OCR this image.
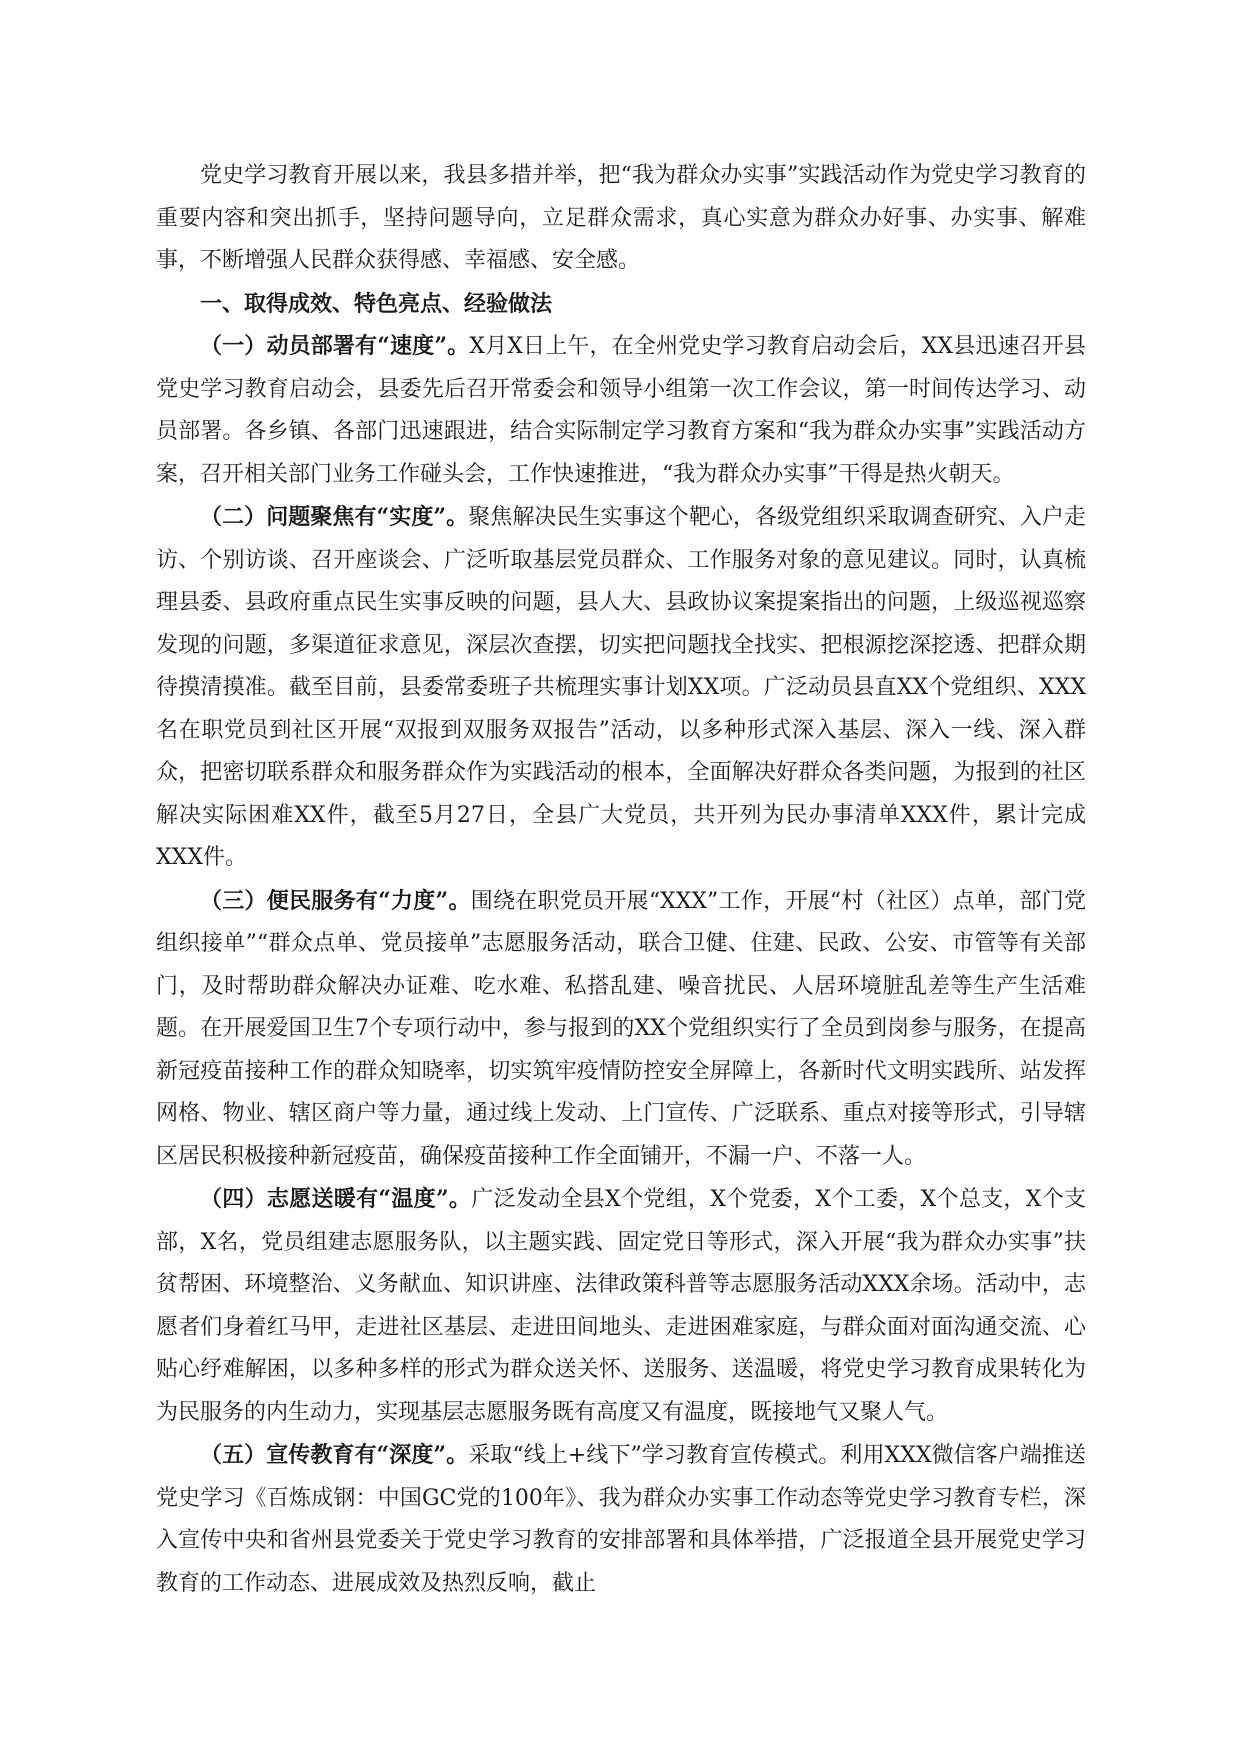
党史学习教育开展以来，我县多措并举，把“我为群众办实事”实践活动作为党史学习教育的重要内容和突出抓手，坚持问题导向，立足群众需求，真心实意为群众办好事、办实事、解难事，不断增强人民群众获得感、幸福感、安全感。

一、取得成效、特色亮点、经验做法

（一）动员部署有“速度”。X月X日上午，在全州党史学习教育启动会后，XX县迅速召开县党史学习教育启动会，县委先后召开常委会和领导小组第一次工作会议，第一时间传达学习、动员部署。各乡镇、各部门迅速跟进，结合实际制定学习教育方案和“我为群众办实事”实践活动方案，召开相关部门业务工作碰头会，工作快速推进，“我为群众办实事”干得是热火朝天。

（二）问题聚焦有“实度”。聚焦解决民生实事这个靶心，各级党组织采取调查研究、入户走访、个别访谈、召开座谈会、广泛听取基层党员群众、工作服务对象的意见建议。同时，认真梳理县委、县政府重点民生实事反映的问题，县人大、县政协议案提案指出的问题，上级巡视巡察发现的问题，多渠道征求意见，深层次查摆，切实把问题找全找实、把根源挖深挖透、把群众期待摸清摸准。截至目前，县委常委班子共梳理实事计划XX项。广泛动员县直XX个党组织、XXX名在职党员到社区开展“双报到双服务双报告”活动，以多种形式深入基层、深入一线、深入群众，把密切联系群众和服务群众作为实践活动的根本，全面解决好群众各类问题，为报到的社区解决实际困难XX件，截至5月27日，全县广大党员，共开列为民办事清单XXX件，累计完成XXX件。

（三）便民服务有“力度”。围绕在职党员开展“XXX”工作，开展“村（社区）点单，部门党组织接单”“群众点单、党员接单”志愿服务活动，联合卫健、住建、民政、公安、市管等有关部门，及时帮助群众解决办证难、吃水难、私搭乱建、噪音扰民、人居环境脏乱差等生产生活难题。在开展爱国卫生7个专项行动中，参与报到的XX个党组织实行了全员到岗参与服务，在提高新冠疫苗接种工作的群众知晓率，切实筑牢疫情防控安全屏障上，各新时代文明实践所、站发挥网格、物业、辖区商户等力量，通过线上发动、上门宣传、广泛联系、重点对接等形式，引导辖区居民积极接种新冠疫苗，确保疫苗接种工作全面铺开，不漏一户、不落一人。

（四）志愿送暖有“温度”。广泛发动全县X个党组，X个党委，X个工委，X个总支，X个支部，X名，党员组建志愿服务队，以主题实践、固定党日等形式，深入开展“我为群众办实事”扶贫帮困、环境整治、义务献血、知识讲座、法律政策科普等志愿服务活动XXX余场。活动中，志愿者们身着红马甲，走进社区基层、走进田间地头、走进困难家庭，与群众面对面沟通交流、心贴心纾难解困，以多种多样的形式为群众送关怀、送服务、送温暖，将党史学习教育成果转化为为民服务的内生动力，实现基层志愿服务既有高度又有温度，既接地气又聚人气。

（五）宣传教育有“深度”。采取“线上+线下”学习教育宣传模式。利用XXX微信客户端推送党史学习《百炼成钢：中国GC党的100年》、我为群众办实事工作动态等党史学习教育专栏，深入宣传中央和省州县党委关于党史学习教育的安排部署和具体举措，广泛报道全县开展党史学习教育的工作动态、进展成效及热烈反响，截止
